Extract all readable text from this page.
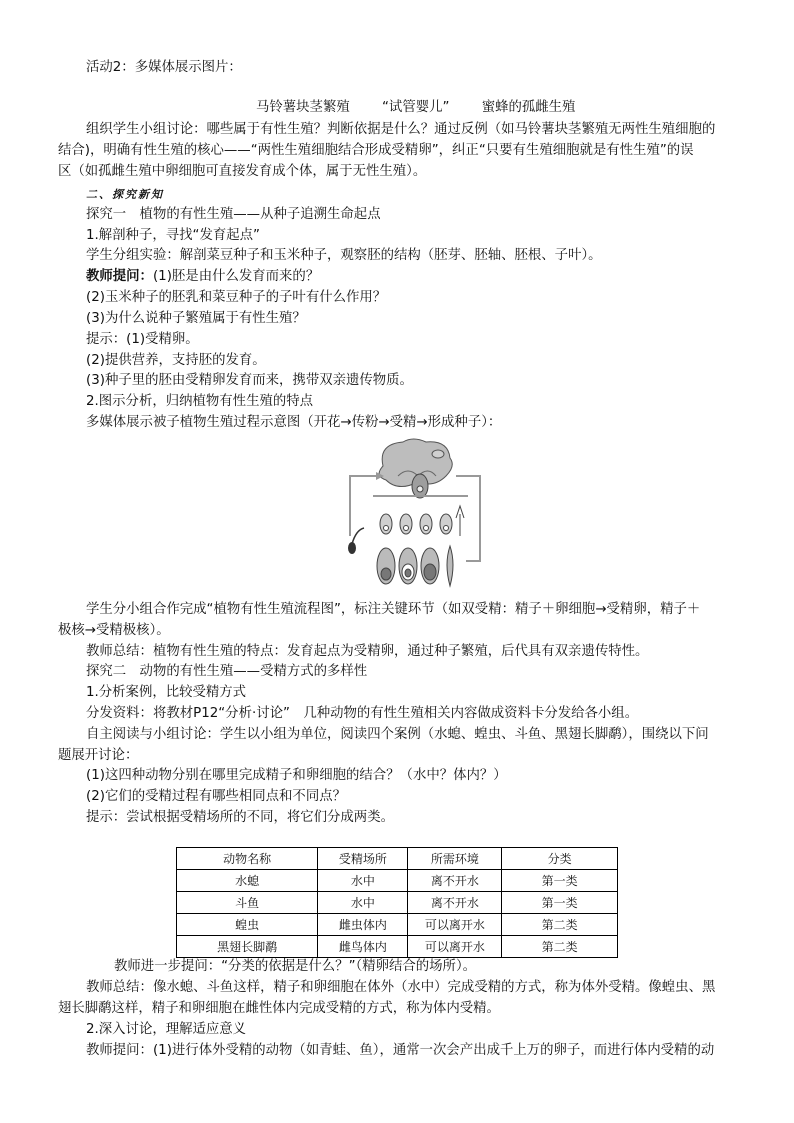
活动2：多媒体展示图片：
马铃薯块茎繁殖 “试管婴儿” 蜜蜂的孤雌生殖
组织学生小组讨论：哪些属于有性生殖？判断依据是什么？通过反例（如马铃薯块茎繁殖无两性生殖细胞的
结合)，明确有性生殖的核心——“两性生殖细胞结合形成受精卵”，纠正“只要有生殖细胞就是有性生殖”的误
区（如孤雌生殖中卵细胞可直接发育成个体，属于无性生殖）。
二、探究新知
探究一　植物的有性生殖——从种子追溯生命起点
1.解剖种子，寻找“发育起点”
学生分组实验：解剖菜豆种子和玉米种子，观察胚的结构（胚芽、胚轴、胚根、子叶）。
教师提问：(1)胚是由什么发育而来的？
(2)玉米种子的胚乳和菜豆种子的子叶有什么作用？
(3)为什么说种子繁殖属于有性生殖？
提示：(1)受精卵。
(2)提供营养，支持胚的发育。
(3)种子里的胚由受精卵发育而来，携带双亲遗传物质。
2.图示分析，归纳植物有性生殖的特点
多媒体展示被子植物生殖过程示意图（开花→传粉→受精→形成种子）：
学生分小组合作完成“植物有性生殖流程图”，标注关键环节（如双受精：精子＋卵细胞→受精卵，精子＋
极核→受精极核）。
教师总结：植物有性生殖的特点：发育起点为受精卵，通过种子繁殖，后代具有双亲遗传特性。
探究二　动物的有性生殖——受精方式的多样性
1.分析案例，比较受精方式
分发资料：将教材P12“分析·讨论”　几种动物的有性生殖相关内容做成资料卡分发给各小组。
自主阅读与小组讨论：学生以小组为单位，阅读四个案例（水螅、蝗虫、斗鱼、黑翅长脚鹬），围绕以下问
题展开讨论：
(1)这四种动物分别在哪里完成精子和卵细胞的结合？（水中？体内？）
(2)它们的受精过程有哪些相同点和不同点？
提示：尝试根据受精场所的不同，将它们分成两类。
动物名称	受精场所	所需环境	分类
水螅	水中	离不开水	第一类
斗鱼	水中	离不开水	第一类
蝗虫	雌虫体内	可以离开水	第二类
黑翅长脚鹬	雌鸟体内	可以离开水	第二类
教师进一步提问：“分类的依据是什么？”（精卵结合的场所）。
教师总结：像水螅、斗鱼这样，精子和卵细胞在体外（水中）完成受精的方式，称为体外受精。像蝗虫、黑
翅长脚鹬这样，精子和卵细胞在雌性体内完成受精的方式，称为体内受精。
2.深入讨论，理解适应意义
教师提问：(1)进行体外受精的动物（如青蛙、鱼），通常一次会产出成千上万的卵子，而进行体内受精的动
